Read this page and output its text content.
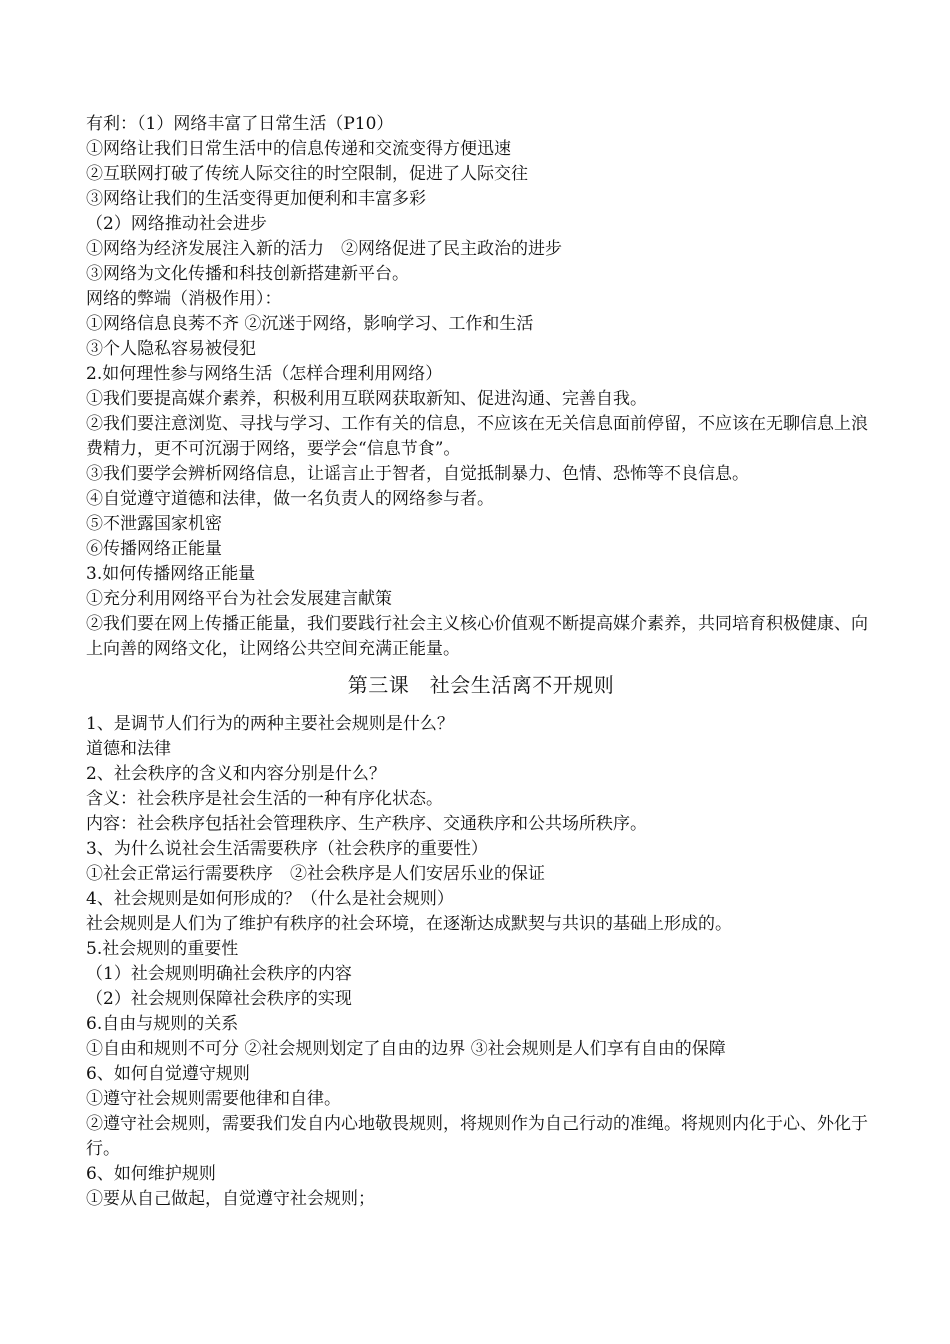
有利：（1）网络丰富了日常生活（P10）
①网络让我们日常生活中的信息传递和交流变得方便迅速
②互联网打破了传统人际交往的时空限制，促进了人际交往
③网络让我们的生活变得更加便利和丰富多彩
（2）网络推动社会进步
①网络为经济发展注入新的活力　②网络促进了民主政治的进步
③网络为文化传播和科技创新搭建新平台。
网络的弊端（消极作用）：
①网络信息良莠不齐 ②沉迷于网络，影响学习、工作和生活
③个人隐私容易被侵犯
2.如何理性参与网络生活（怎样合理利用网络）
①我们要提高媒介素养，积极利用互联网获取新知、促进沟通、完善自我。
②我们要注意浏览、寻找与学习、工作有关的信息，不应该在无关信息面前停留，不应该在无聊信息上浪费精力，更不可沉溺于网络，要学会“信息节食”。
③我们要学会辨析网络信息，让谣言止于智者，自觉抵制暴力、色情、恐怖等不良信息。
④自觉遵守道德和法律，做一名负责人的网络参与者。
⑤不泄露国家机密
⑥传播网络正能量
3.如何传播网络正能量
①充分利用网络平台为社会发展建言献策
②我们要在网上传播正能量，我们要践行社会主义核心价值观不断提高媒介素养，共同培育积极健康、向上向善的网络文化，让网络公共空间充满正能量。
第三课　社会生活离不开规则
1、是调节人们行为的两种主要社会规则是什么？
道德和法律
2、社会秩序的含义和内容分别是什么？
含义：社会秩序是社会生活的一种有序化状态。
内容：社会秩序包括社会管理秩序、生产秩序、交通秩序和公共场所秩序。
3、为什么说社会生活需要秩序（社会秩序的重要性）
①社会正常运行需要秩序　②社会秩序是人们安居乐业的保证
4、社会规则是如何形成的？（什么是社会规则）
社会规则是人们为了维护有秩序的社会环境，在逐渐达成默契与共识的基础上形成的。
5.社会规则的重要性
（1）社会规则明确社会秩序的内容
（2）社会规则保障社会秩序的实现
6.自由与规则的关系
①自由和规则不可分 ②社会规则划定了自由的边界 ③社会规则是人们享有自由的保障
6、如何自觉遵守规则
①遵守社会规则需要他律和自律。
②遵守社会规则，需要我们发自内心地敬畏规则，将规则作为自己行动的准绳。将规则内化于心、外化于行。
6、如何维护规则
①要从自己做起，自觉遵守社会规则；
